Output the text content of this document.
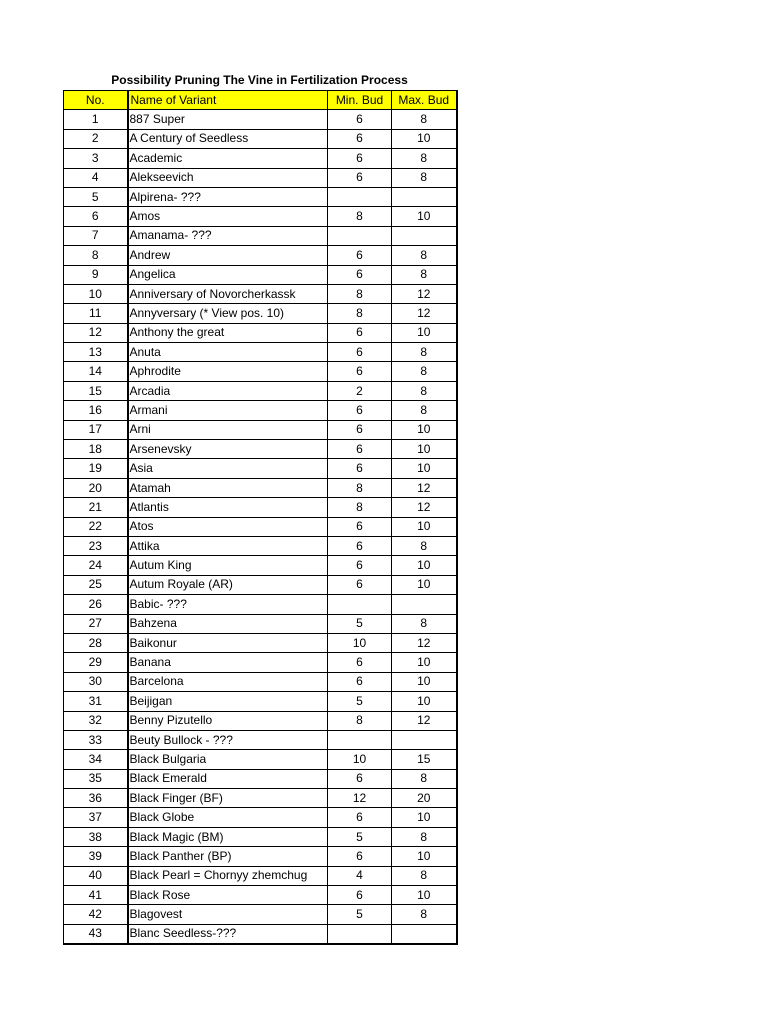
Possibility Pruning The Vine in Fertilization Process
No.	Name of Variant	Min. Bud	Max. Bud
1	887 Super	6	8
2	A Century of Seedless	6	10
3	Academic	6	8
4	Alekseevich	6	8
5	Alpirena- ???		
6	Amos	8	10
7	Amanama- ???		
8	Andrew	6	8
9	Angelica	6	8
10	Anniversary of Novorcherkassk	8	12
11	Annyversary (* View pos. 10)	8	12
12	Anthony the great	6	10
13	Anuta	6	8
14	Aphrodite	6	8
15	Arcadia	2	8
16	Armani	6	8
17	Arni	6	10
18	Arsenevsky	6	10
19	Asia	6	10
20	Atamah	8	12
21	Atlantis	8	12
22	Atos	6	10
23	Attika	6	8
24	Autum King	6	10
25	Autum Royale (AR)	6	10
26	Babic- ???		
27	Bahzena	5	8
28	Baikonur	10	12
29	Banana	6	10
30	Barcelona	6	10
31	Beijigan	5	10
32	Benny Pizutello	8	12
33	Beuty Bullock - ???		
34	Black Bulgaria	10	15
35	Black Emerald	6	8
36	Black Finger (BF)	12	20
37	Black Globe	6	10
38	Black Magic (BM)	5	8
39	Black Panther (BP)	6	10
40	Black Pearl = Chornyy zhemchug	4	8
41	Black Rose	6	10
42	Blagovest	5	8
43	Blanc Seedless-???		
